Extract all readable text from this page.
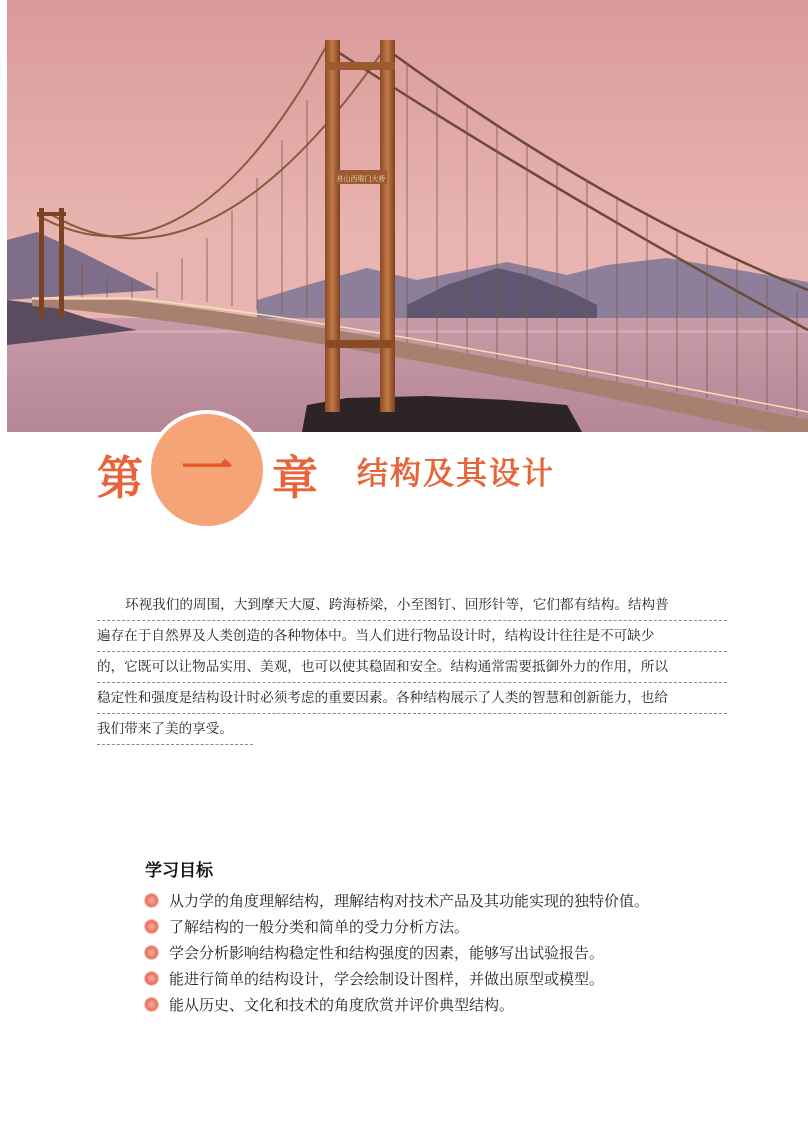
舟山西堠门大桥
第 一 章 结构及其设计
环视我们的周围，大到摩天大厦、跨海桥梁，小至图钉、回形针等，它们都有结构。结构普
遍存在于自然界及人类创造的各种物体中。当人们进行物品设计时，结构设计往往是不可缺少
的，它既可以让物品实用、美观，也可以使其稳固和安全。结构通常需要抵御外力的作用，所以
稳定性和强度是结构设计时必须考虑的重要因素。各种结构展示了人类的智慧和创新能力，也给
我们带来了美的享受。
学习目标
从力学的角度理解结构，理解结构对技术产品及其功能实现的独特价值。
了解结构的一般分类和简单的受力分析方法。
学会分析影响结构稳定性和结构强度的因素，能够写出试验报告。
能进行简单的结构设计，学会绘制设计图样，并做出原型或模型。
能从历史、文化和技术的角度欣赏并评价典型结构。
